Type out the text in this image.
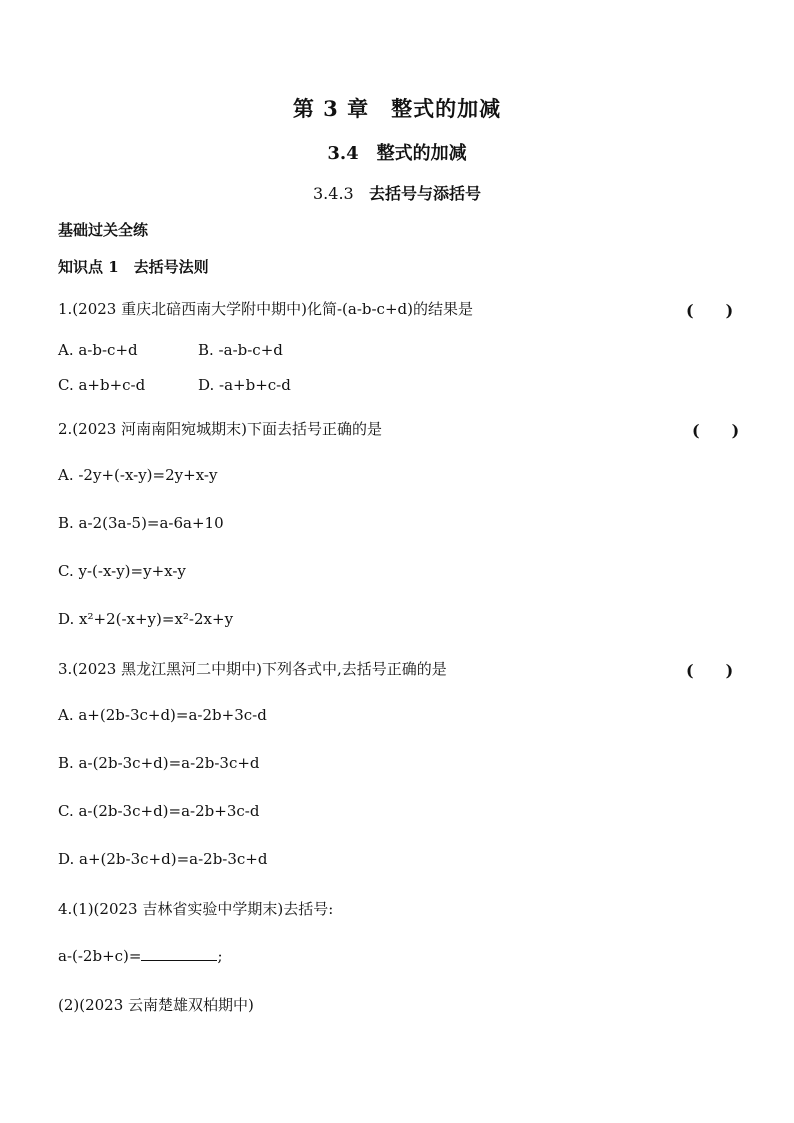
第 3 章　整式的加减
3.4　整式的加减
3.4.3 去括号与添括号
基础过关全练
知识点 1　去括号法则
1.(2023 重庆北碚西南大学附中期中)化简-(a-b-c+d)的结果是	(　　)
A. a-b-c+d	B. -a-b-c+d
C. a+b+c-d	D. -a+b+c-d
2.(2023 河南南阳宛城期末)下面去括号正确的是	(　　)
A. -2y+(-x-y)=2y+x-y
B. a-2(3a-5)=a-6a+10
C. y-(-x-y)=y+x-y
D. x²+2(-x+y)=x²-2x+y
3.(2023 黑龙江黑河二中期中)下列各式中,去括号正确的是	(　　)
A. a+(2b-3c+d)=a-2b+3c-d
B. a-(2b-3c+d)=a-2b-3c+d
C. a-(2b-3c+d)=a-2b+3c-d
D. a+(2b-3c+d)=a-2b-3c+d
4.(1)(2023 吉林省实验中学期末)去括号:
a-(-2b+c)=	;
(2)(2023 云南楚雄双柏期中)
